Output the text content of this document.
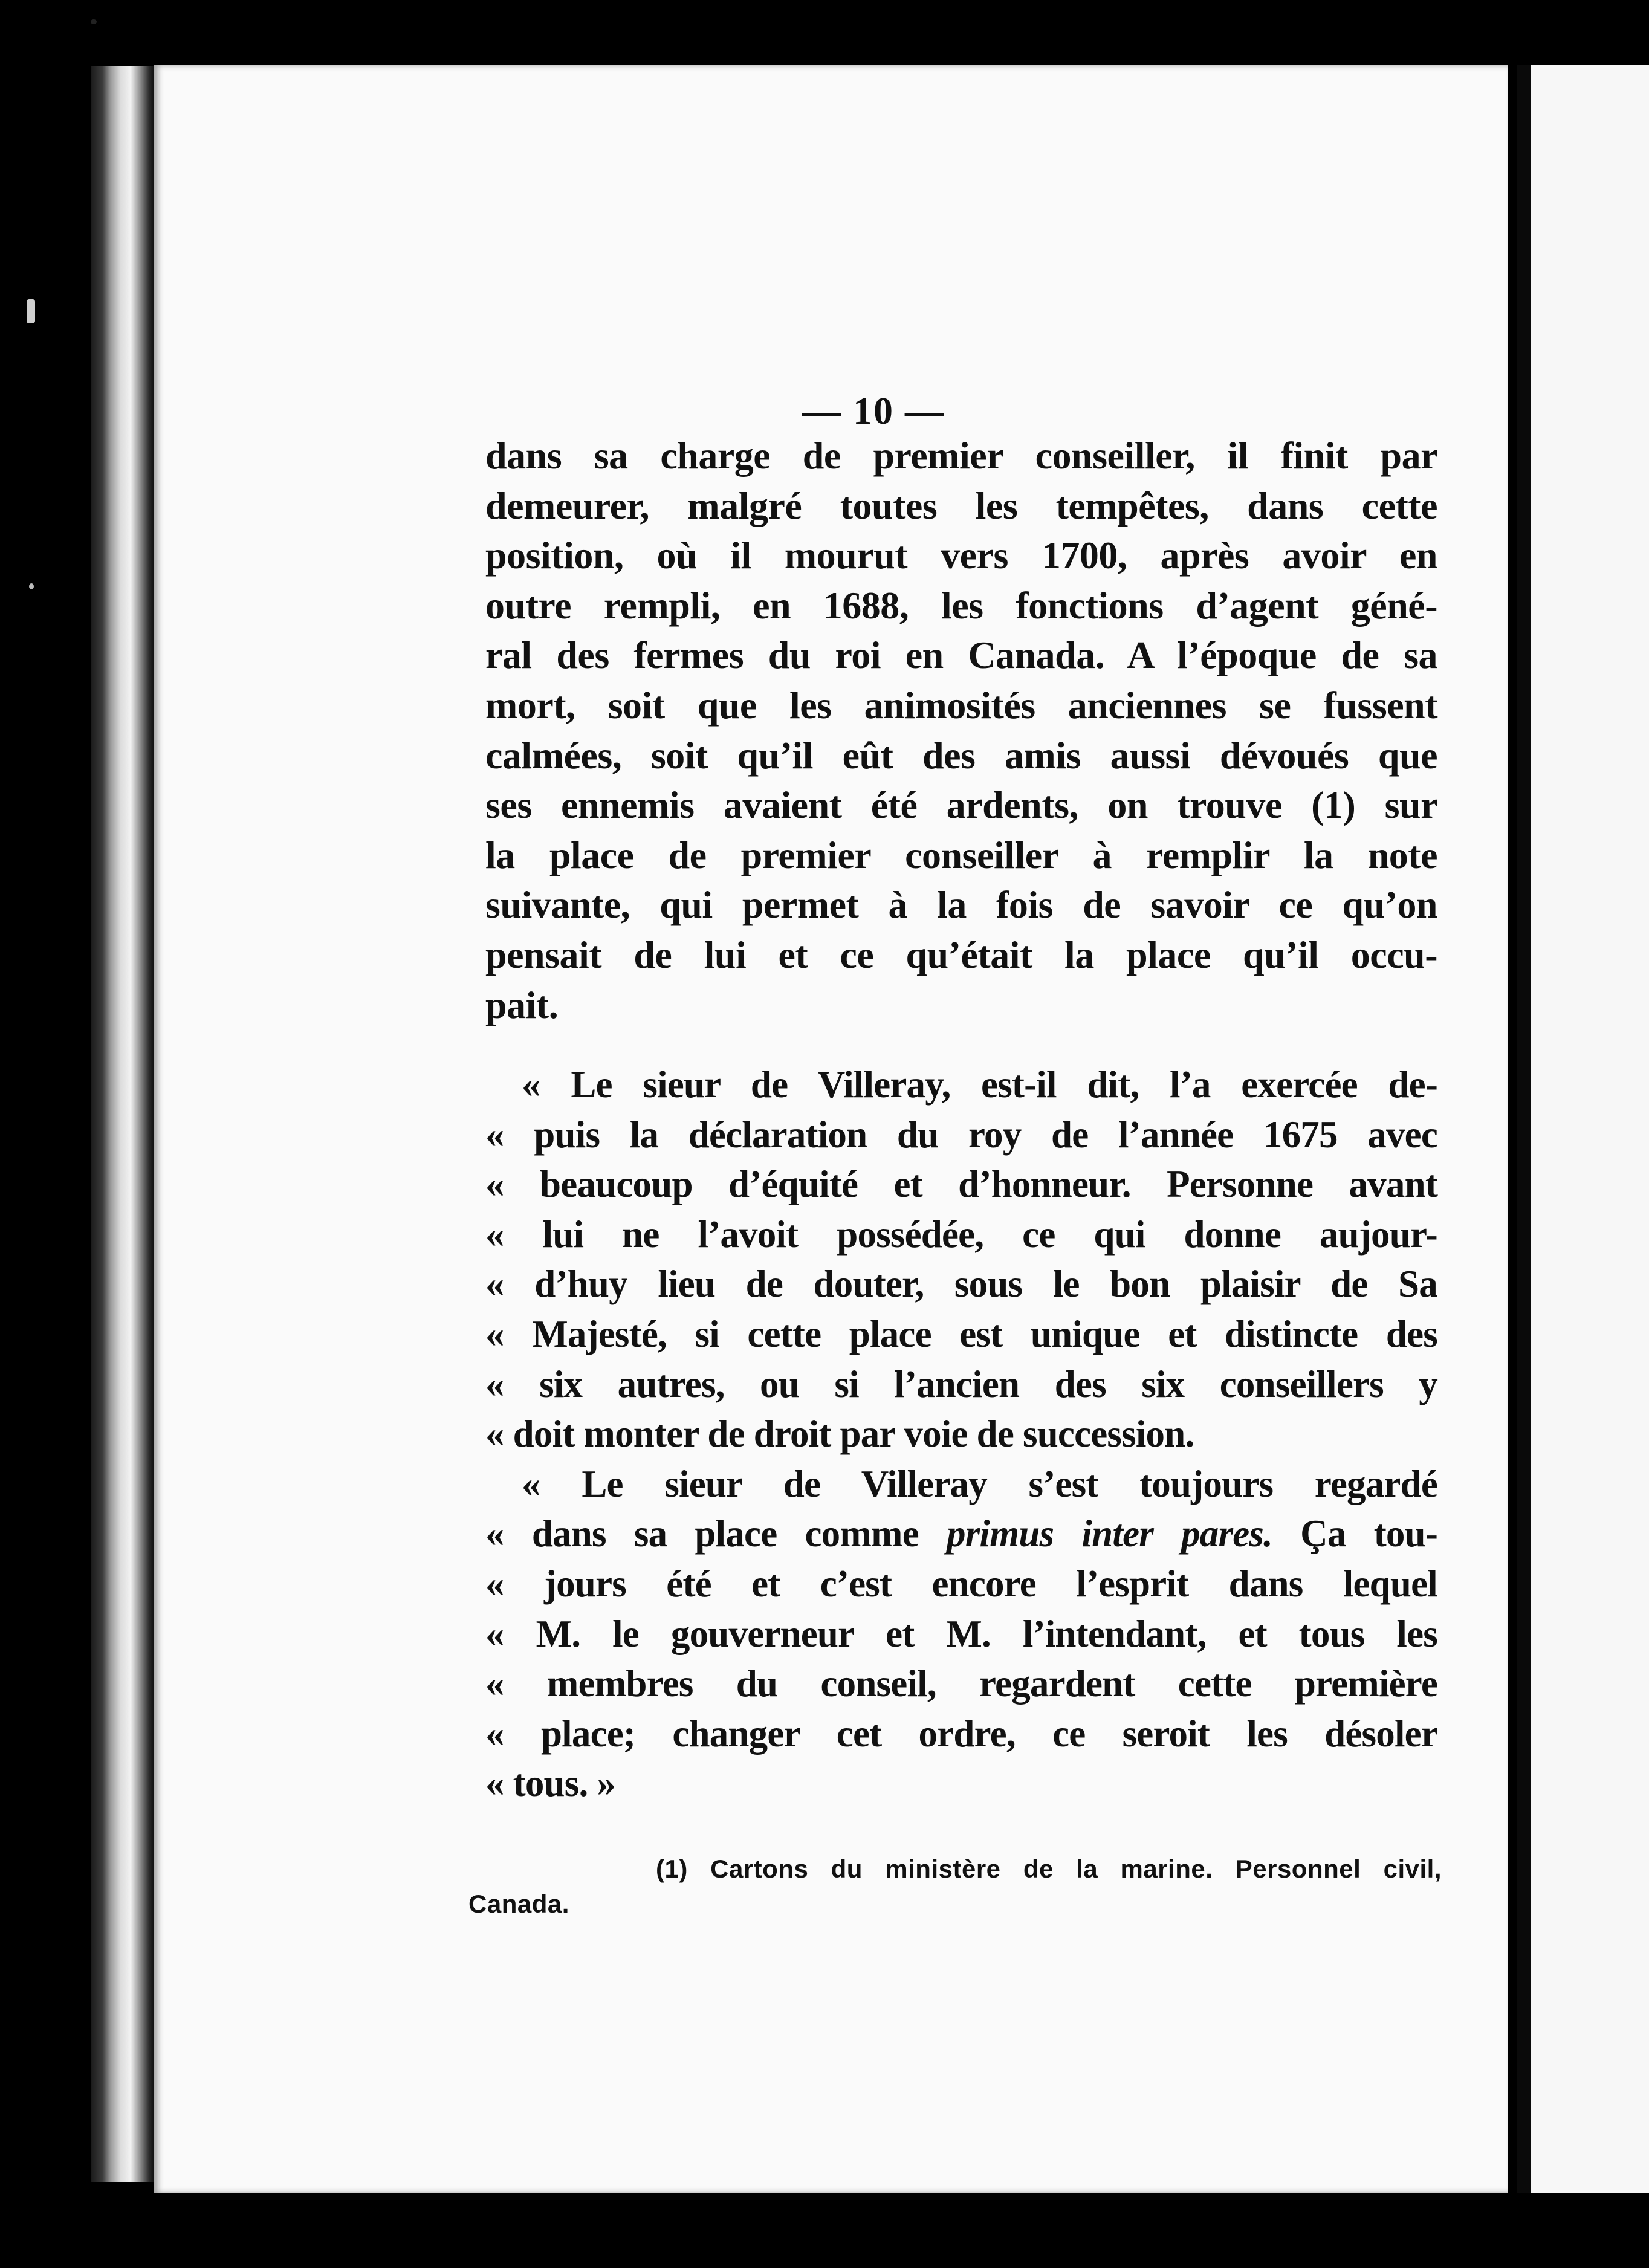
— 10 —
dans sa charge de premier conseiller, il finit par
demeurer, malgré toutes les tempêtes, dans cette
position, où il mourut vers 1700, après avoir en
outre rempli, en 1688, les fonctions d’agent géné-
ral des fermes du roi en Canada. A l’époque de sa
mort, soit que les animosités anciennes se fussent
calmées, soit qu’il eût des amis aussi dévoués que
ses ennemis avaient été ardents, on trouve (1) sur
la place de premier conseiller à remplir la note
suivante, qui permet à la fois de savoir ce qu’on
pensait de lui et ce qu’était la place qu’il occu-
pait.
« Le sieur de Villeray, est-il dit, l’a exercée de-
« puis la déclaration du roy de l’année 1675 avec
« beaucoup d’équité et d’honneur. Personne avant
« lui ne l’avoit possédée, ce qui donne aujour-
« d’huy lieu de douter, sous le bon plaisir de Sa
« Majesté, si cette place est unique et distincte des
« six autres, ou si l’ancien des six conseillers y
« doit monter de droit par voie de succession.
« Le sieur de Villeray s’est toujours regardé
« dans sa place comme primus inter pares. Ça tou-
« jours été et c’est encore l’esprit dans lequel
« M. le gouverneur et M. l’intendant, et tous les
« membres du conseil, regardent cette première
« place; changer cet ordre, ce seroit les désoler
« tous. »
(1) Cartons du ministère de la marine. Personnel civil,
Canada.
